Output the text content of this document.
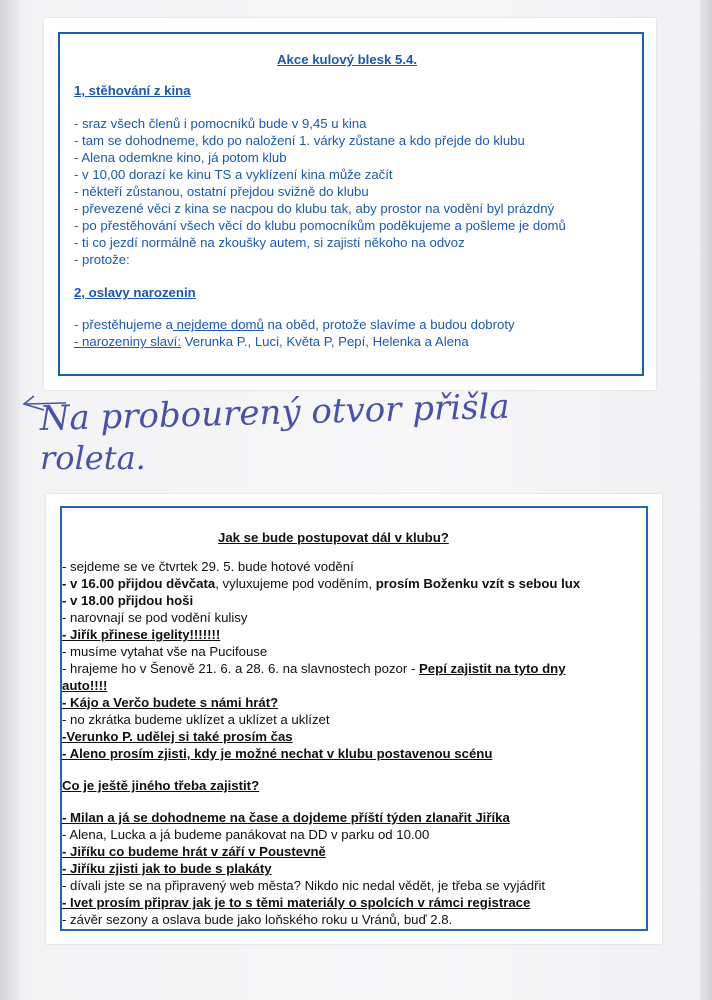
Akce kulový blesk 5.4.
1, stěhování z kina
- sraz všech členů i pomocníků bude v 9,45 u kina
- tam se dohodneme, kdo po naložení 1. várky zůstane a kdo přejde do klubu
- Alena odemkne kino, já potom klub
- v 10,00 dorazí ke kinu TS a vyklízení kina může začít
- někteří zůstanou, ostatní přejdou svižně do klubu
- převezené věci z kina se nacpou do klubu tak, aby prostor na vodění byl prázdný
- po přestěhování všech věcí do klubu pomocníkům poděkujeme a pošleme je domů
- ti co jezdí normálně na zkoušky autem, si zajistí někoho na odvoz
- protože:
2, oslavy narozenin
- přestěhujeme a nejdeme domů na oběd, protože slavíme a budou dobroty
- narozeniny slaví: Verunka P., Luci, Květa P, Pepí, Helenka a Alena
Na probourený otvor přišla
roleta.
Jak se bude postupovat dál v klubu?
- sejdeme se ve čtvrtek 29. 5. bude hotové vodění
- v 16.00 přijdou děvčata, vyluxujeme pod voděním, prosím Boženku vzít s sebou lux
- v 18.00 přijdou hoši
- narovnají se pod vodění kulisy
- Jiřík přinese igelity!!!!!!!
- musíme vytahat vše na Pucifouse
- hrajeme ho v Šenově 21. 6. a 28. 6. na slavnostech pozor - Pepí zajistit na tyto dny
auto!!!!
- Kájo a Verčo budete s námi hrát?
- no zkrátka budeme uklízet a uklízet a uklízet
-Verunko P. udělej si také prosím čas
- Aleno prosím zjisti, kdy je možné nechat v klubu postavenou scénu
Co je ještě jiného třeba zajistit?
- Milan a já se dohodneme na čase a dojdeme příští týden zlanařit Jiříka
- Alena, Lucka a já budeme panákovat na DD v parku od 10.00
- Jiříku co budeme hrát v září v Poustevně
- Jiříku zjisti jak to bude s plakáty
- dívali jste se na připravený web města? Nikdo nic nedal vědět, je třeba se vyjádřit
- Ivet prosím připrav jak je to s těmi materiály o spolcích v rámci registrace
- závěr sezony a oslava bude jako loňského roku u Vránů, buď 2.8.
